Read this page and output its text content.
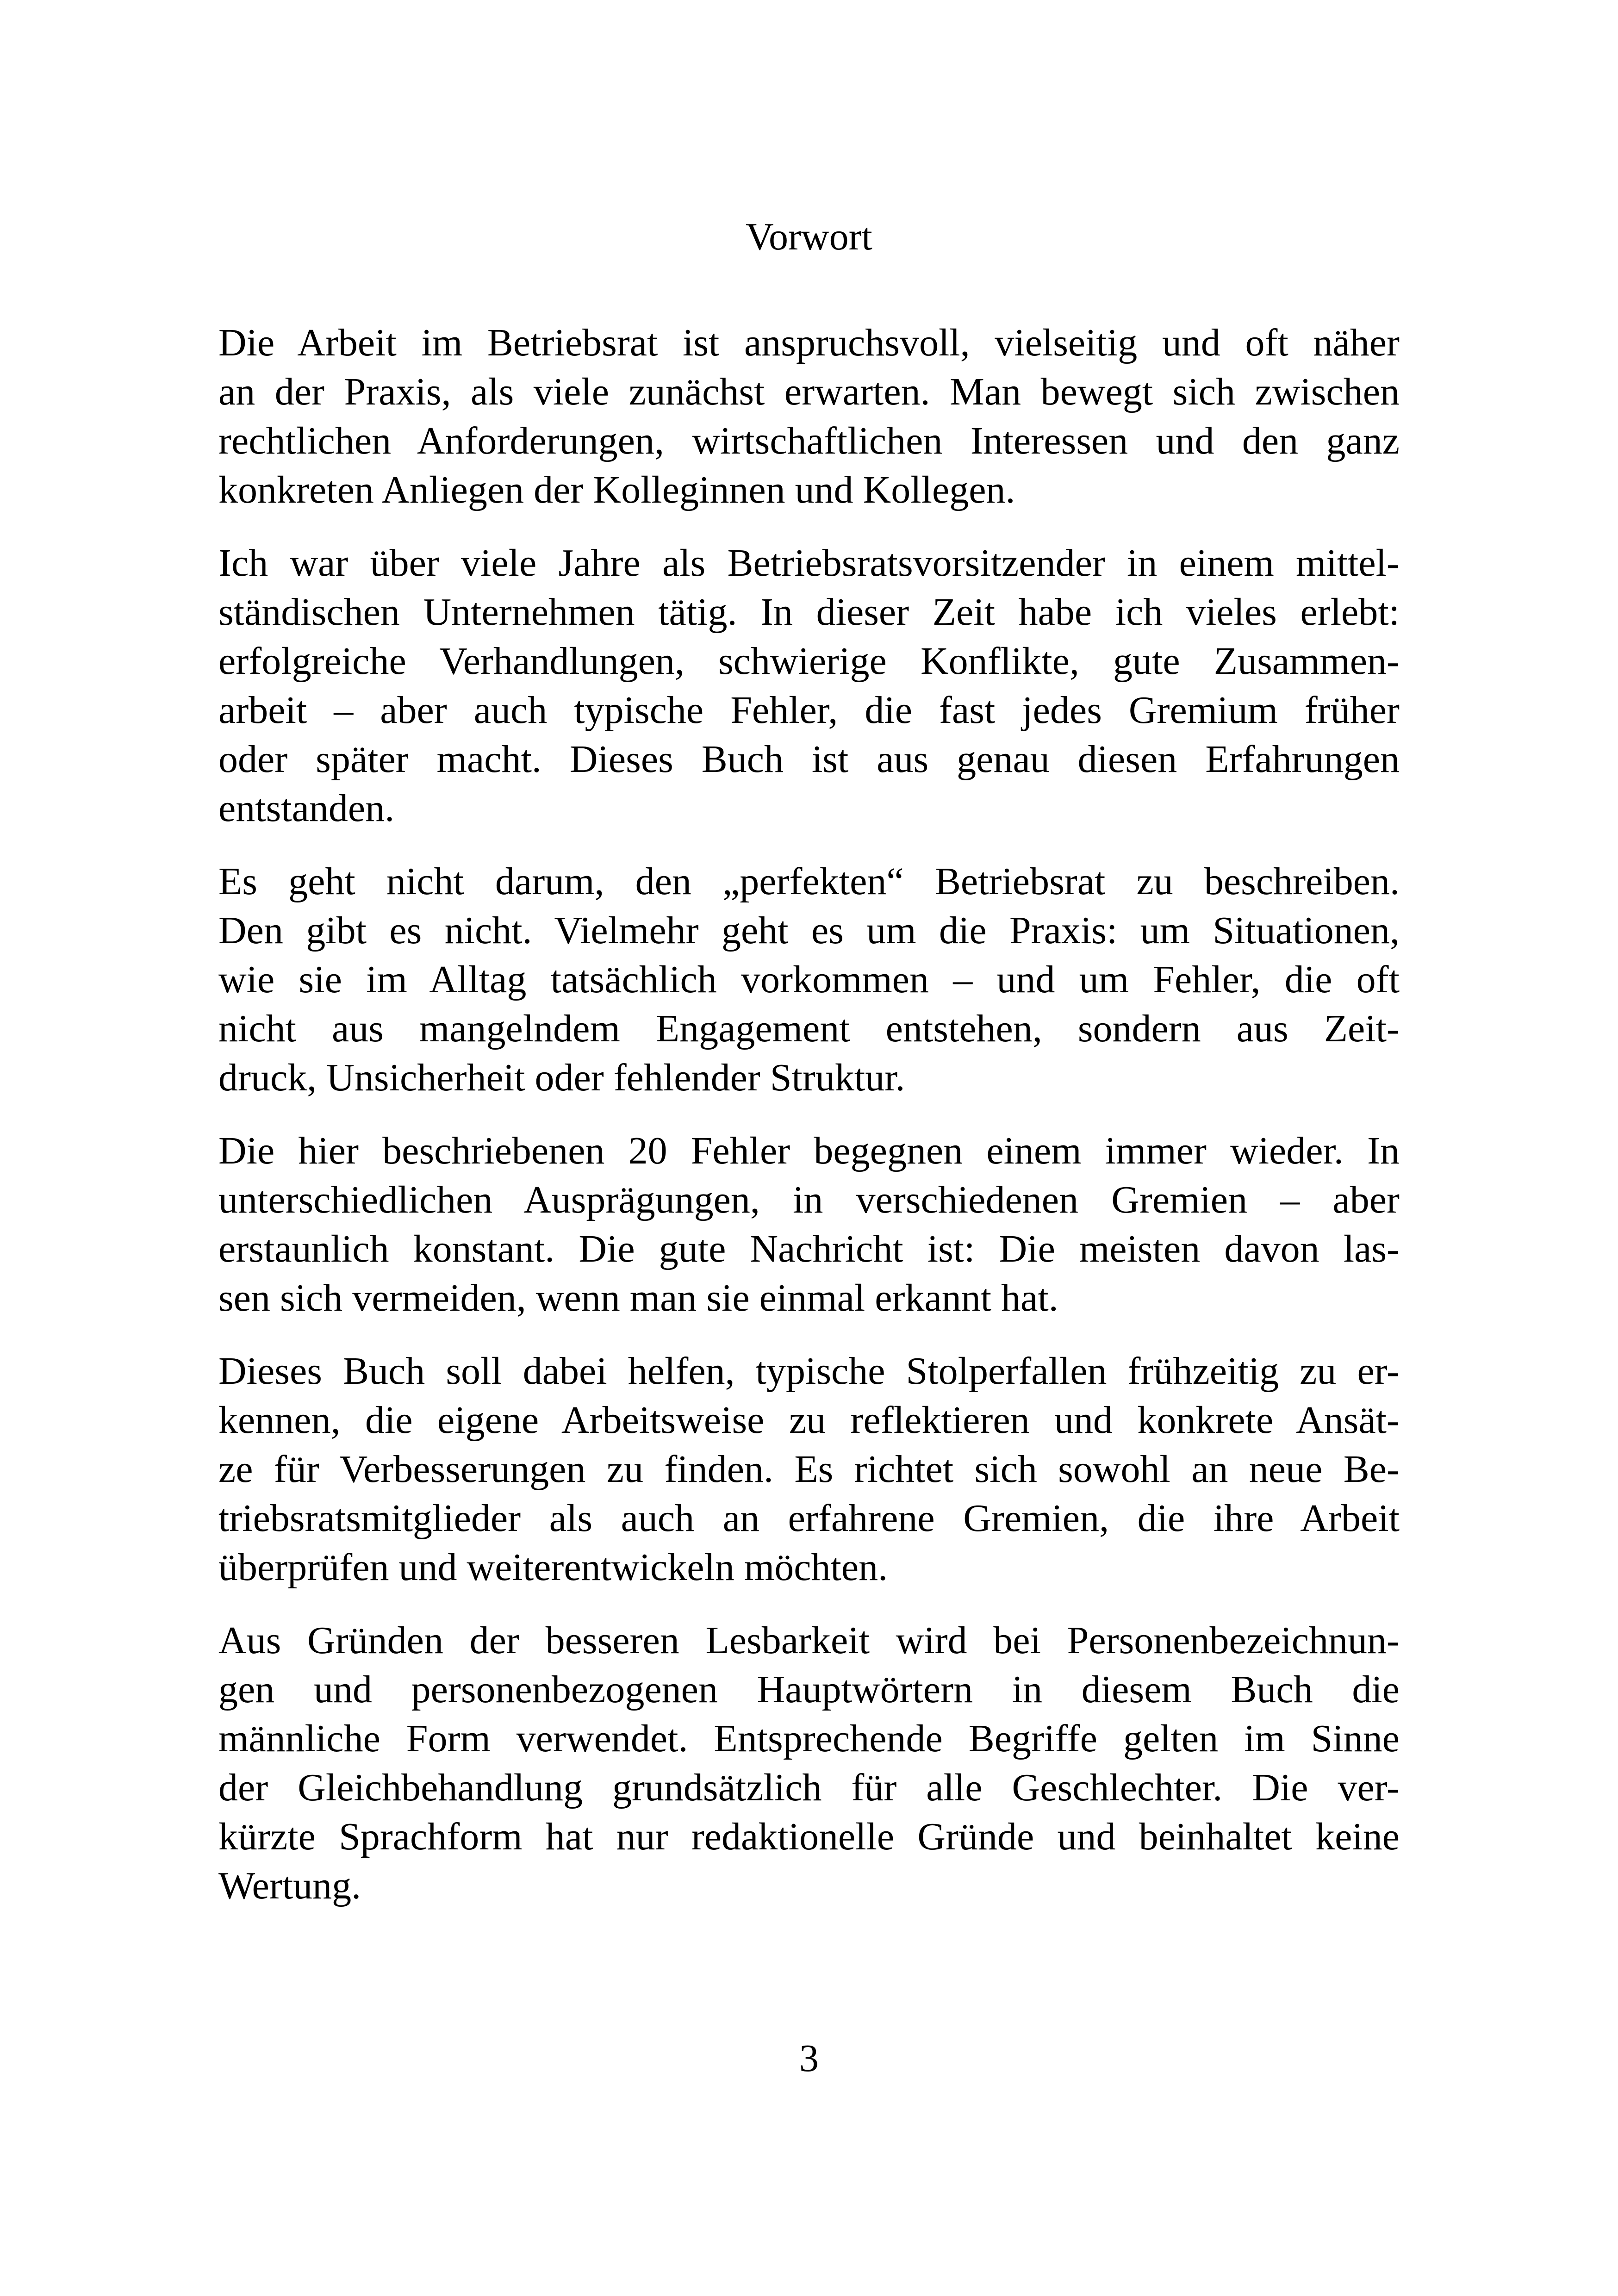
Vorwort

Die Arbeit im Betriebsrat ist anspruchsvoll, vielseitig und oft näher
an der Praxis, als viele zunächst erwarten. Man bewegt sich zwischen
rechtlichen Anforderungen, wirtschaftlichen Interessen und den ganz
konkreten Anliegen der Kolleginnen und Kollegen.

Ich war über viele Jahre als Betriebsratsvorsitzender in einem mittel-
ständischen Unternehmen tätig. In dieser Zeit habe ich vieles erlebt:
erfolgreiche Verhandlungen, schwierige Konflikte, gute Zusammen-
arbeit – aber auch typische Fehler, die fast jedes Gremium früher
oder später macht. Dieses Buch ist aus genau diesen Erfahrungen
entstanden.

Es geht nicht darum, den „perfekten“ Betriebsrat zu beschreiben.
Den gibt es nicht. Vielmehr geht es um die Praxis: um Situationen,
wie sie im Alltag tatsächlich vorkommen – und um Fehler, die oft
nicht aus mangelndem Engagement entstehen, sondern aus Zeit-
druck, Unsicherheit oder fehlender Struktur.

Die hier beschriebenen 20 Fehler begegnen einem immer wieder. In
unterschiedlichen Ausprägungen, in verschiedenen Gremien – aber
erstaunlich konstant. Die gute Nachricht ist: Die meisten davon las-
sen sich vermeiden, wenn man sie einmal erkannt hat.

Dieses Buch soll dabei helfen, typische Stolperfallen frühzeitig zu er-
kennen, die eigene Arbeitsweise zu reflektieren und konkrete Ansät-
ze für Verbesserungen zu finden. Es richtet sich sowohl an neue Be-
triebsratsmitglieder als auch an erfahrene Gremien, die ihre Arbeit
überprüfen und weiterentwickeln möchten.

Aus Gründen der besseren Lesbarkeit wird bei Personenbezeichnun-
gen und personenbezogenen Hauptwörtern in diesem Buch die
männliche Form verwendet. Entsprechende Begriffe gelten im Sinne
der Gleichbehandlung grundsätzlich für alle Geschlechter. Die ver-
kürzte Sprachform hat nur redaktionelle Gründe und beinhaltet keine
Wertung.

3
